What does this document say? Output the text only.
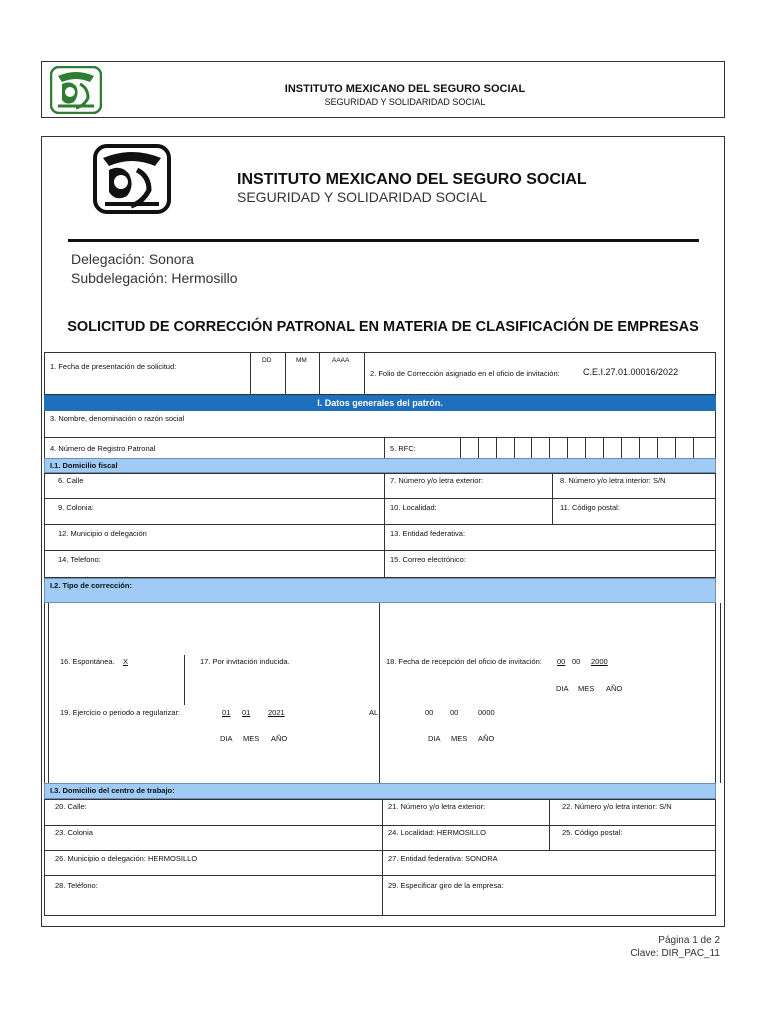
INSTITUTO MEXICANO DEL SEGURO SOCIAL
SEGURIDAD Y SOLIDARIDAD SOCIAL
INSTITUTO MEXICANO DEL SEGURO SOCIAL
SEGURIDAD Y SOLIDARIDAD SOCIAL
Delegación: Sonora
Subdelegación: Hermosillo
SOLICITUD DE CORRECCIÓN PATRONAL EN MATERIA DE CLASIFICACIÓN DE EMPRESAS
1. Fecha de presentación de solicitud:
DD	MM	AAAA
2. Folio de Corrección asignado en el oficio de invitación:	C.E.I.27.01.00016/2022
I. Datos generales del patrón.
3. Nombre, denominación o razón social
4. Número de Registro Patronal	5. RFC:
I.1. Domicilio fiscal
6. Calle	7. Número y/o letra exterior:	8. Número y/o letra interior: S/N
9. Colonia:	10. Localidad:	11. Código postal:
12. Municipio o delegación	13. Entidad federativa:
14. Telefono:	15. Correo electrónico:
I.2. Tipo de corrección:
16. Espontánea. X	17. Por invitación inducida.	18. Fecha de recepción del oficio de invitación: 00 00 2000
DIA MES AÑO
19. Ejercicio o periodo a regularizar:	01 01 2021	AL	00 00	0000
DIA MES AÑO	DIA MES AÑO
I.3. Domicilio del centro de trabajo:
20. Calle:	21. Número y/o letra exterior:	22. Número y/o letra interior: S/N
23. Colonia	24. Localidad: HERMOSILLO	25. Código postal:
26. Municipio o delegación: HERMOSILLO	27. Entidad federativa: SONORA
28. Teléfono:	29. Especificar giro de la empresa:
Página 1 de 2
Clave: DIR_PAC_11
